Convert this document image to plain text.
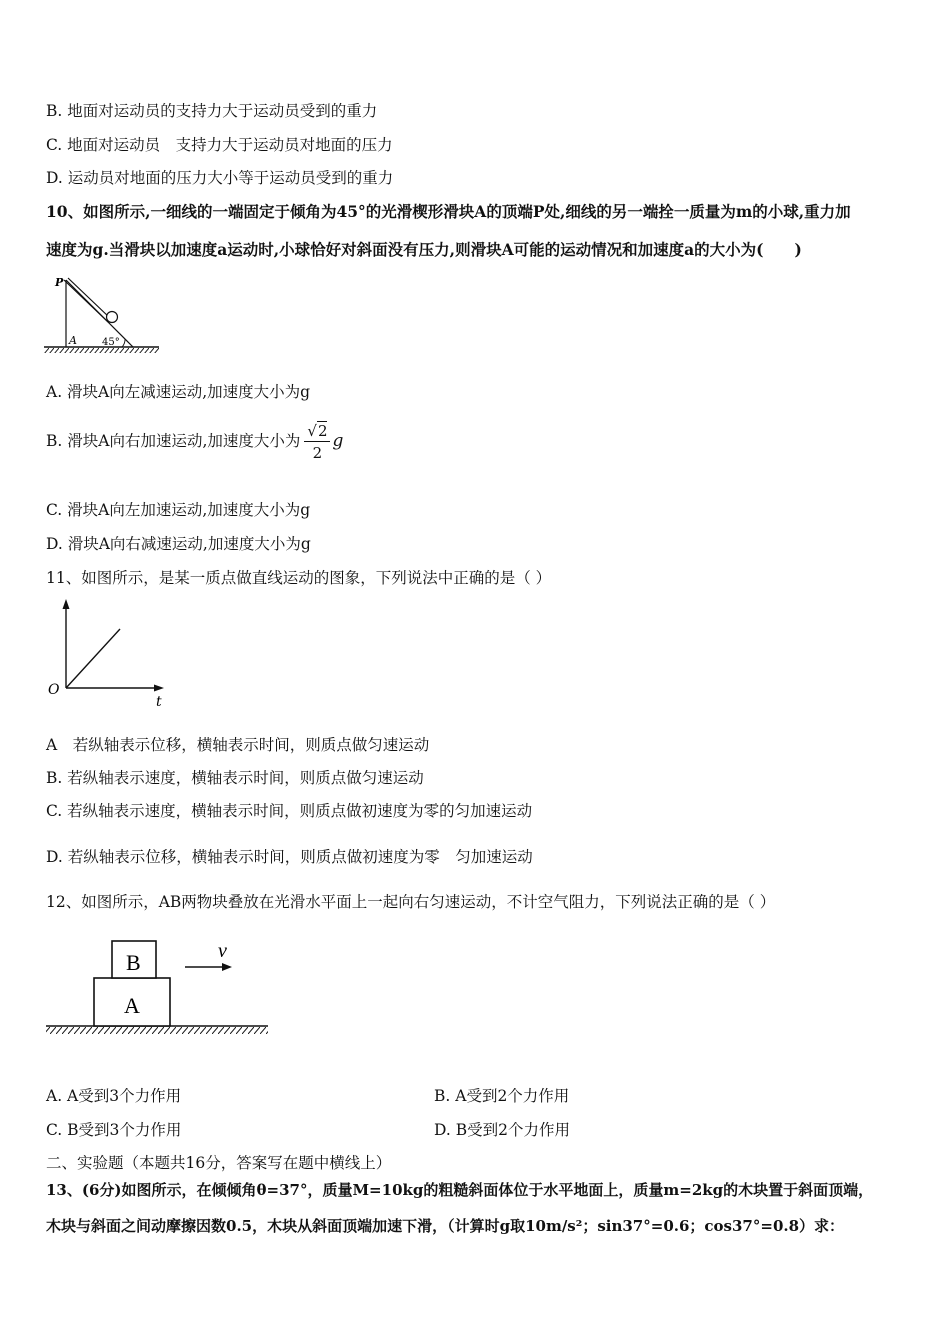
B. 地面对运动员的支持力大于运动员受到的重力
C. 地面对运动员　支持力大于运动员对地面的压力
D. 运动员对地面的压力大小等于运动员受到的重力
10、如图所示,一细线的一端固定于倾角为45°的光滑楔形滑块A的顶端P处,细线的另一端拴一质量为m的小球,重力加
速度为g.当滑块以加速度a运动时,小球恰好对斜面没有压力,则滑块A可能的运动情况和加速度a的大小为(　　)
P
A	45°
A. 滑块A向左减速运动,加速度大小为g
B. 滑块A向右加速运动,加速度大小为 $\frac{√2}{2}$ g
C. 滑块A向左加速运动,加速度大小为g
D. 滑块A向右减速运动,加速度大小为g
11、如图所示，是某一质点做直线运动的图象，下列说法中正确的是（ ）
O
t
A　若纵轴表示位移，横轴表示时间，则质点做匀速运动
B. 若纵轴表示速度，横轴表示时间，则质点做匀速运动
C. 若纵轴表示速度，横轴表示时间，则质点做初速度为零的匀加速运动
D. 若纵轴表示位移，横轴表示时间，则质点做初速度为零　匀加速运动
12、如图所示，AB两物块叠放在光滑水平面上一起向右匀速运动，不计空气阻力，下列说法正确的是（ ）
A
B	v
A. A受到3个力作用	B. A受到2个力作用
C. B受到3个力作用	D. B受到2个力作用
二、实验题（本题共16分，答案写在题中横线上）
13、(6分)如图所示，在倾倾角θ=37°，质量M=10kg的粗糙斜面体位于水平地面上，质量m=2kg的木块置于斜面顶端，
木块与斜面之间动摩擦因数0.5，木块从斜面顶端加速下滑，（计算时g取10m/s²；sin37°=0.6；cos37°=0.8）求：
